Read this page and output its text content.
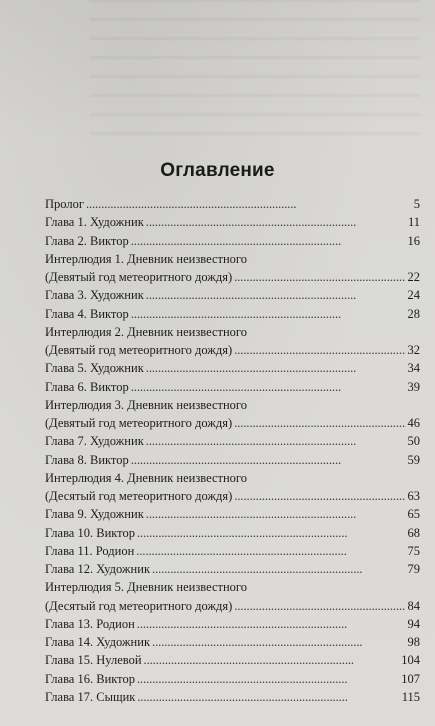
Оглавление
Пролог . . .	5
Глава 1. Художник . . .	11
Глава 2. Виктор . . .	16
Интерлюдия 1. Дневник неизвестного
(Девятый год метеоритного дождя) . . .	22
Глава 3. Художник . . .	24
Глава 4. Виктор . . .	28
Интерлюдия 2. Дневник неизвестного
(Девятый год метеоритного дождя) . . .	32
Глава 5. Художник . . .	34
Глава 6. Виктор . . .	39
Интерлюдия 3. Дневник неизвестного
(Девятый год метеоритного дождя) . . .	46
Глава 7. Художник . . .	50
Глава 8. Виктор . . .	59
Интерлюдия 4. Дневник неизвестного
(Десятый год метеоритного дождя) . . .	63
Глава 9. Художник . . .	65
Глава 10. Виктор . . .	68
Глава 11. Родион . . .	75
Глава 12. Художник . . .	79
Интерлюдия 5. Дневник неизвестного
(Десятый год метеоритного дождя) . . .	84
Глава 13. Родион . . .	94
Глава 14. Художник . . .	98
Глава 15. Нулевой . . .	104
Глава 16. Виктор . . .	107
Глава 17. Сыщик . . .	115
